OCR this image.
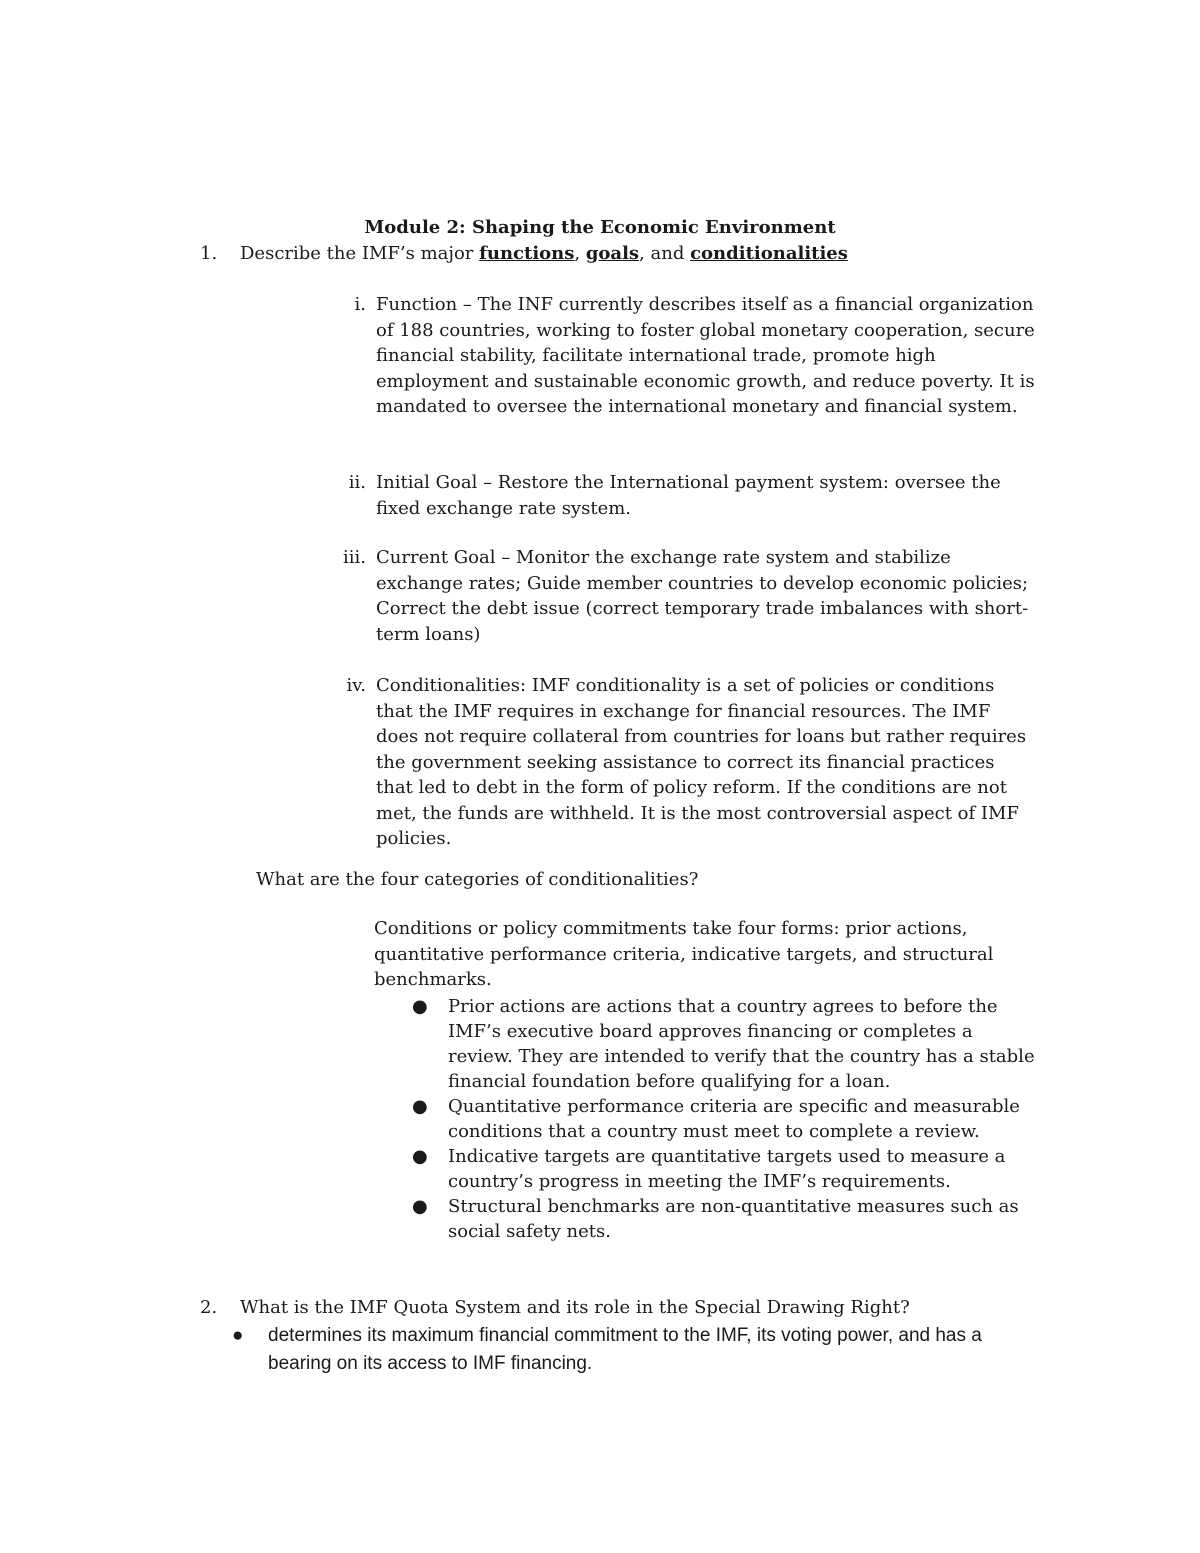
Module 2: Shaping the Economic Environment
1. Describe the IMF’s major functions, goals, and conditionalities
i. Function – The INF currently describes itself as a financial organization of 188 countries, working to foster global monetary cooperation, secure financial stability, facilitate international trade, promote high employment and sustainable economic growth, and reduce poverty. It is mandated to oversee the international monetary and financial system.
ii. Initial Goal – Restore the International payment system: oversee the fixed exchange rate system.
iii. Current Goal – Monitor the exchange rate system and stabilize exchange rates; Guide member countries to develop economic policies; Correct the debt issue (correct temporary trade imbalances with short-term loans)
iv. Conditionalities: IMF conditionality is a set of policies or conditions that the IMF requires in exchange for financial resources. The IMF does not require collateral from countries for loans but rather requires the government seeking assistance to correct its financial practices that led to debt in the form of policy reform. If the conditions are not met, the funds are withheld. It is the most controversial aspect of IMF policies.
What are the four categories of conditionalities?
Conditions or policy commitments take four forms: prior actions, quantitative performance criteria, indicative targets, and structural benchmarks.
● Prior actions are actions that a country agrees to before the IMF’s executive board approves financing or completes a review. They are intended to verify that the country has a stable financial foundation before qualifying for a loan.
● Quantitative performance criteria are specific and measurable conditions that a country must meet to complete a review.
● Indicative targets are quantitative targets used to measure a country’s progress in meeting the IMF’s requirements.
● Structural benchmarks are non-quantitative measures such as social safety nets.
2. What is the IMF Quota System and its role in the Special Drawing Right?
● determines its maximum financial commitment to the IMF, its voting power, and has a bearing on its access to IMF financing.
